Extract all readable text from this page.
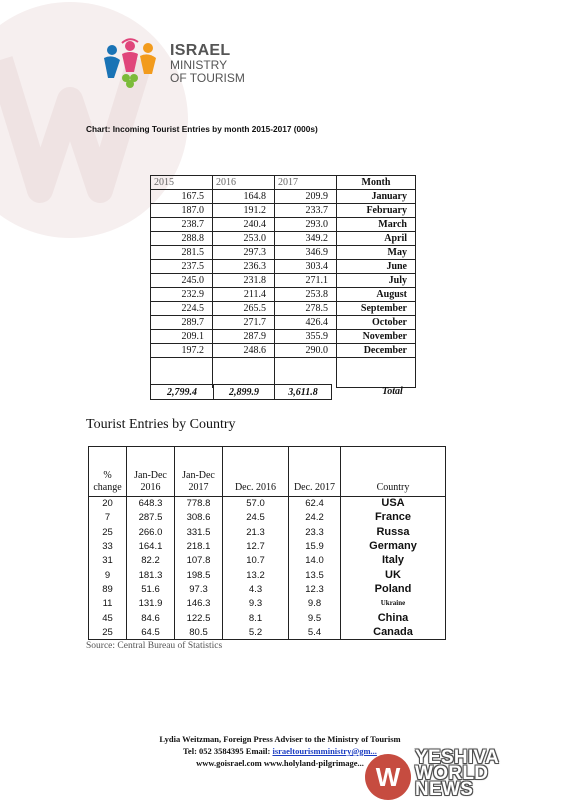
ISRAEL
MINISTRY
OF TOURISM
Chart: Incoming Tourist Entries by month 2015-2017 (000s)
2015	2016	2017	Month
167.5	164.8	209.9	January
187.0	191.2	233.7	February
238.7	240.4	293.0	March
288.8	253.0	349.2	April
281.5	297.3	346.9	May
237.5	236.3	303.4	June
245.0	231.8	271.1	July
232.9	211.4	253.8	August
224.5	265.5	278.5	September
289.7	271.7	426.4	October
209.1	287.9	355.9	November
197.2	248.6	290.0	December

2,799.4	2,899.9	3,611.8	Total
Tourist Entries by Country
% change	Jan-Dec 2016	Jan-Dec 2017	Dec. 2016	Dec. 2017	Country
20	648.3	778.8	57.0	62.4	USA
7	287.5	308.6	24.5	24.2	France
25	266.0	331.5	21.3	23.3	Russa
33	164.1	218.1	12.7	15.9	Germany
31	82.2	107.8	10.7	14.0	Italy
9	181.3	198.5	13.2	13.5	UK
89	51.6	97.3	4.3	12.3	Poland
11	131.9	146.3	9.3	9.8	Ukraine
45	84.6	122.5	8.1	9.5	China
25	64.5	80.5	5.2	5.4	Canada
Source: Central Bureau of Statistics
Lydia Weitzman, Foreign Press Adviser to the Ministry of Tourism
Tel: 052 3584395 Email: israeltourismministry@gm...
www.goisrael.com www.holyland-pilgrimage... W
YESHIVA
WORLD
NEWS
